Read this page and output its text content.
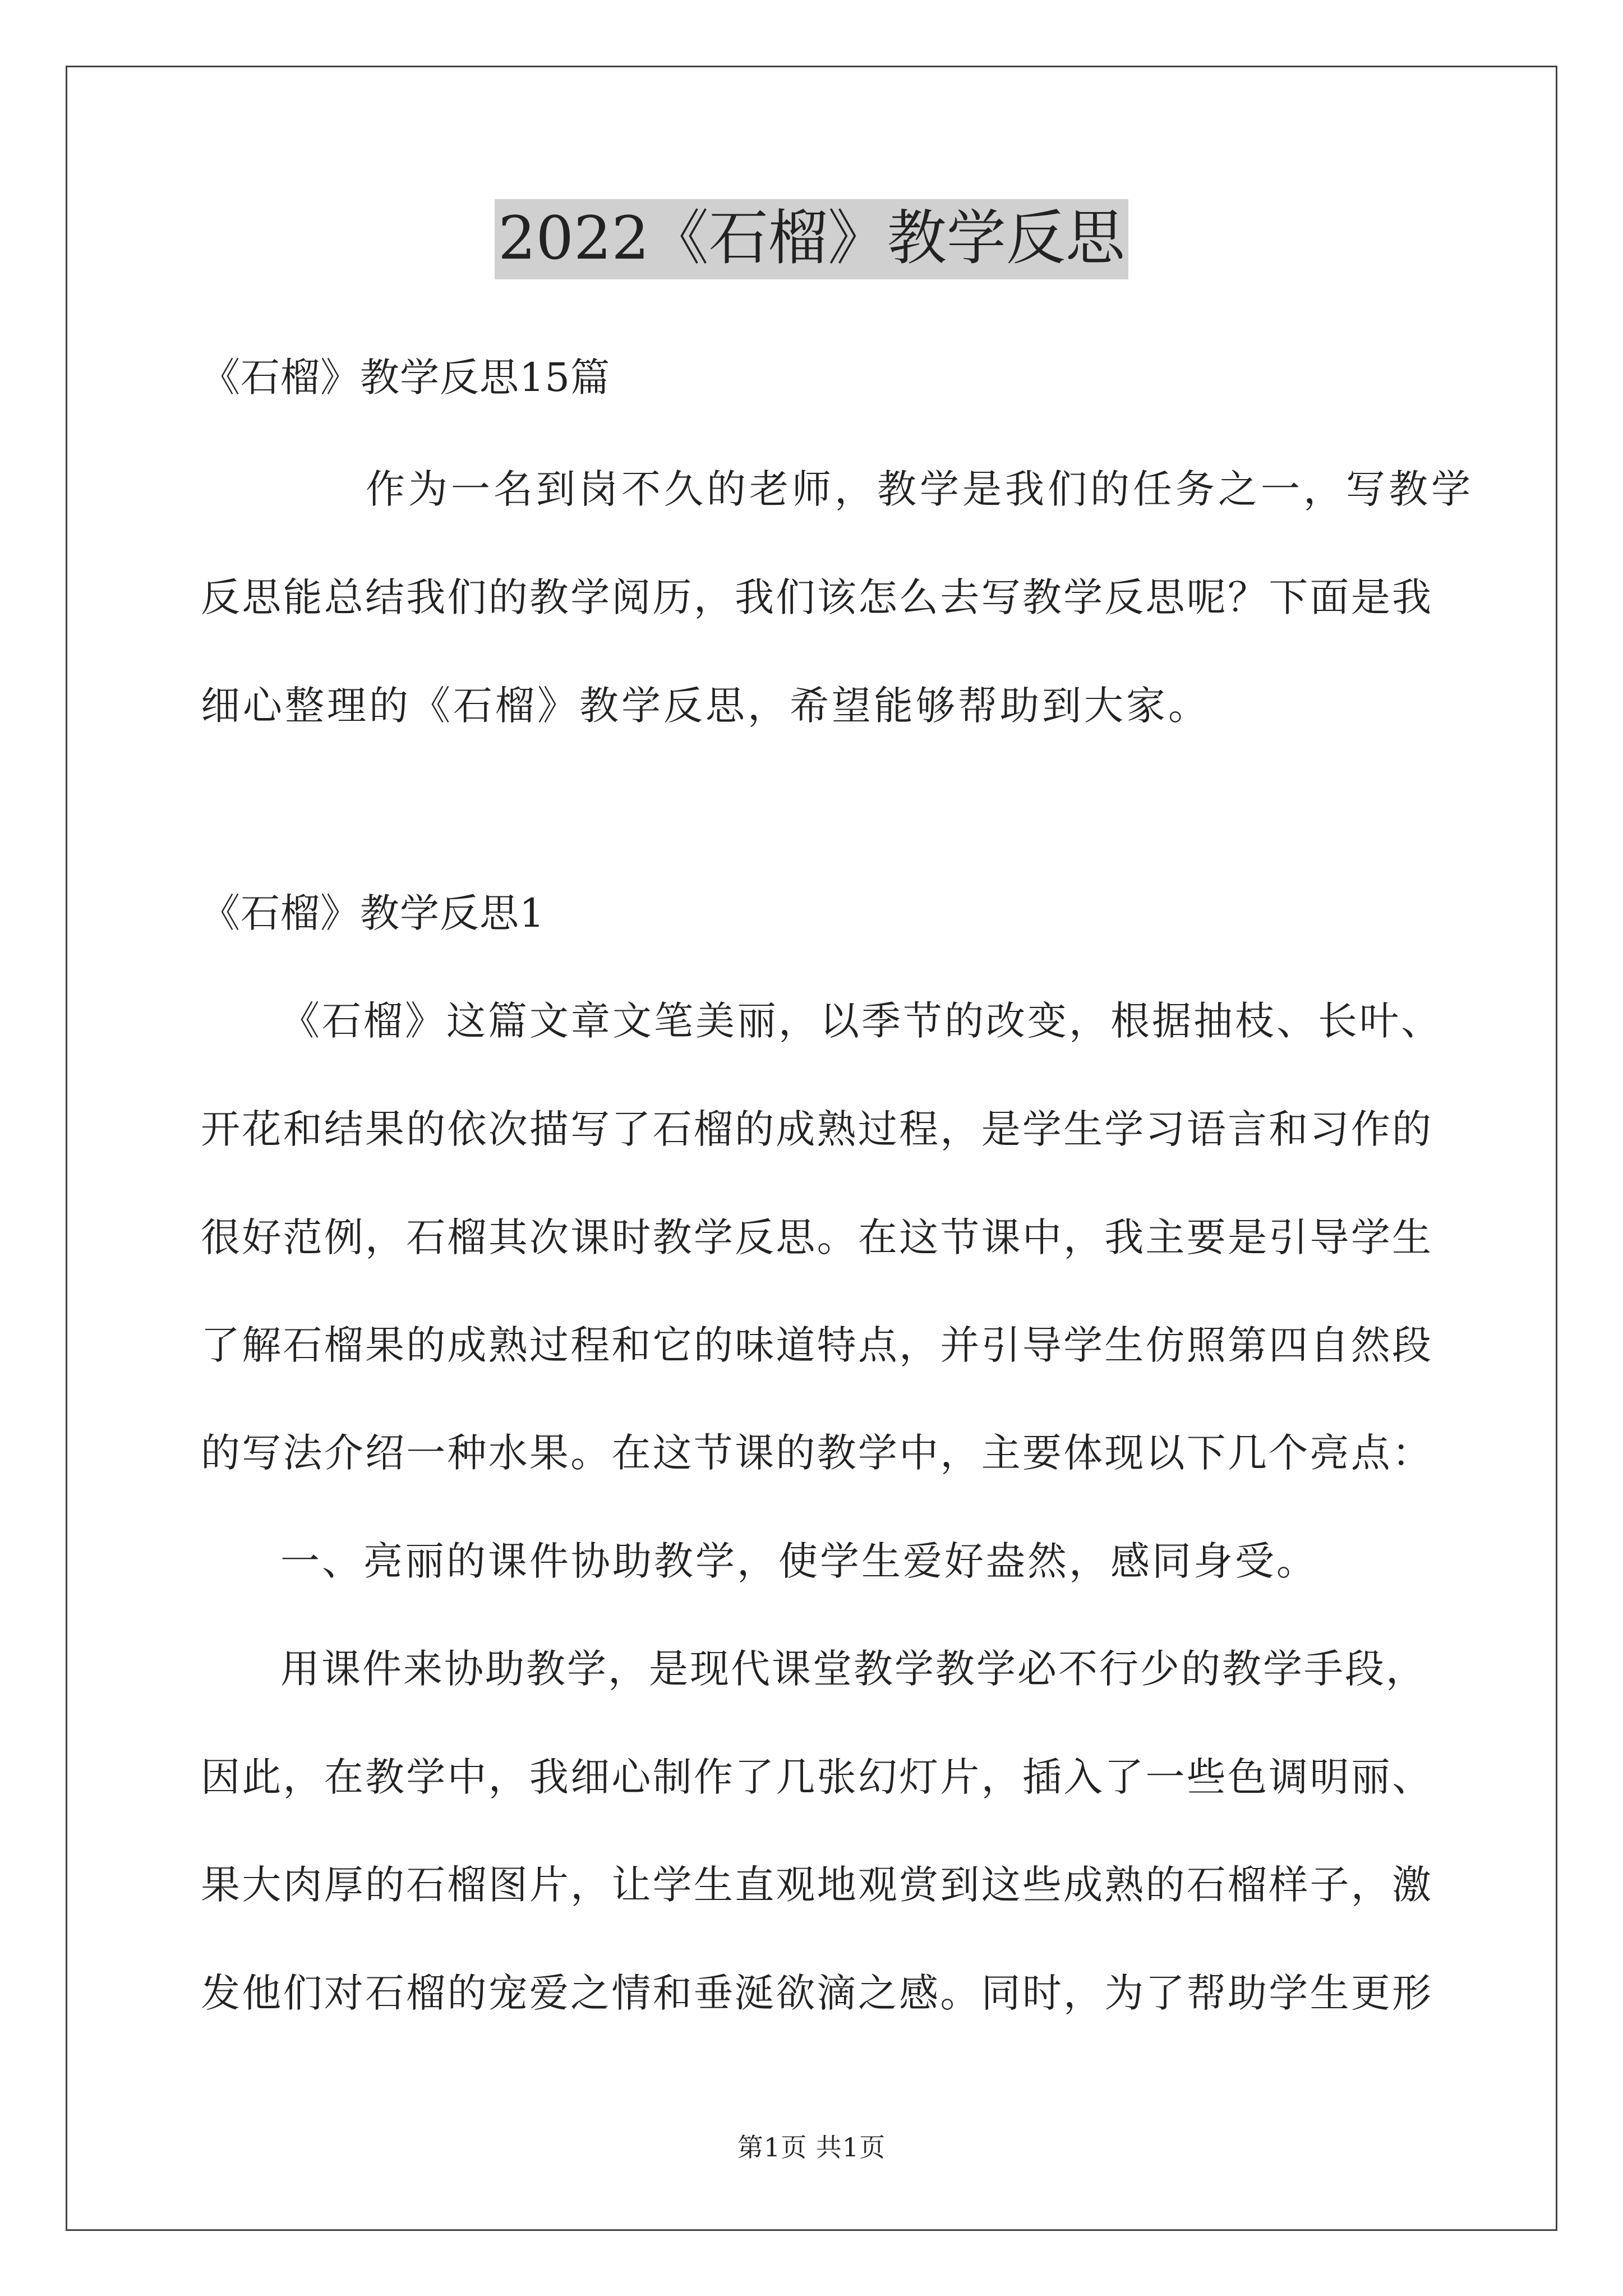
2022《石榴》教学反思
《石榴》教学反思15篇
作为一名到岗不久的老师，教学是我们的任务之一，写教学
反思能总结我们的教学阅历，我们该怎么去写教学反思呢？下面是我
细心整理的《石榴》教学反思，希望能够帮助到大家。
《石榴》教学反思1
《石榴》这篇文章文笔美丽，以季节的改变，根据抽枝、长叶、
开花和结果的依次描写了石榴的成熟过程，是学生学习语言和习作的
很好范例，石榴其次课时教学反思。在这节课中，我主要是引导学生
了解石榴果的成熟过程和它的味道特点，并引导学生仿照第四自然段
的写法介绍一种水果。在这节课的教学中，主要体现以下几个亮点：
一、亮丽的课件协助教学，使学生爱好盎然，感同身受。
用课件来协助教学，是现代课堂教学教学必不行少的教学手段，
因此，在教学中，我细心制作了几张幻灯片，插入了一些色调明丽、
果大肉厚的石榴图片，让学生直观地观赏到这些成熟的石榴样子，激
发他们对石榴的宠爱之情和垂涎欲滴之感。同时，为了帮助学生更形
第1页 共1页
